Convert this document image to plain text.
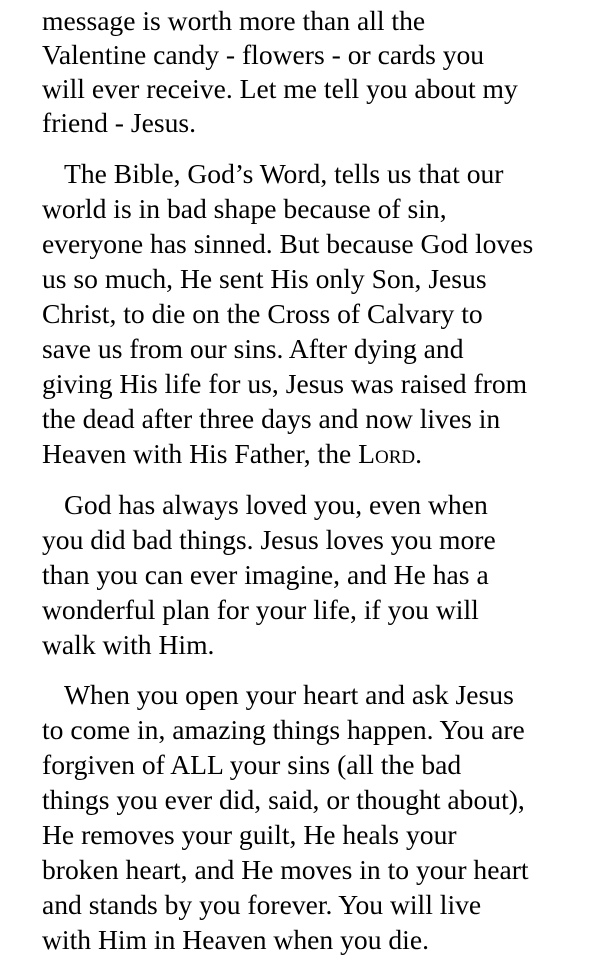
message is worth more than all the
Valentine candy - flowers - or cards you
will ever receive. Let me tell you about my
friend - Jesus.
The Bible, God’s Word, tells us that our
world is in bad shape because of sin,
everyone has sinned. But because God loves
us so much, He sent His only Son, Jesus
Christ, to die on the Cross of Calvary to
save us from our sins. After dying and
giving His life for us, Jesus was raised from
the dead after three days and now lives in
Heaven with His Father, the Lord.
God has always loved you, even when
you did bad things. Jesus loves you more
than you can ever imagine, and He has a
wonderful plan for your life, if you will
walk with Him.
When you open your heart and ask Jesus
to come in, amazing things happen. You are
forgiven of ALL your sins (all the bad
things you ever did, said, or thought about),
He removes your guilt, He heals your
broken heart, and He moves in to your heart
and stands by you forever. You will live
with Him in Heaven when you die.
